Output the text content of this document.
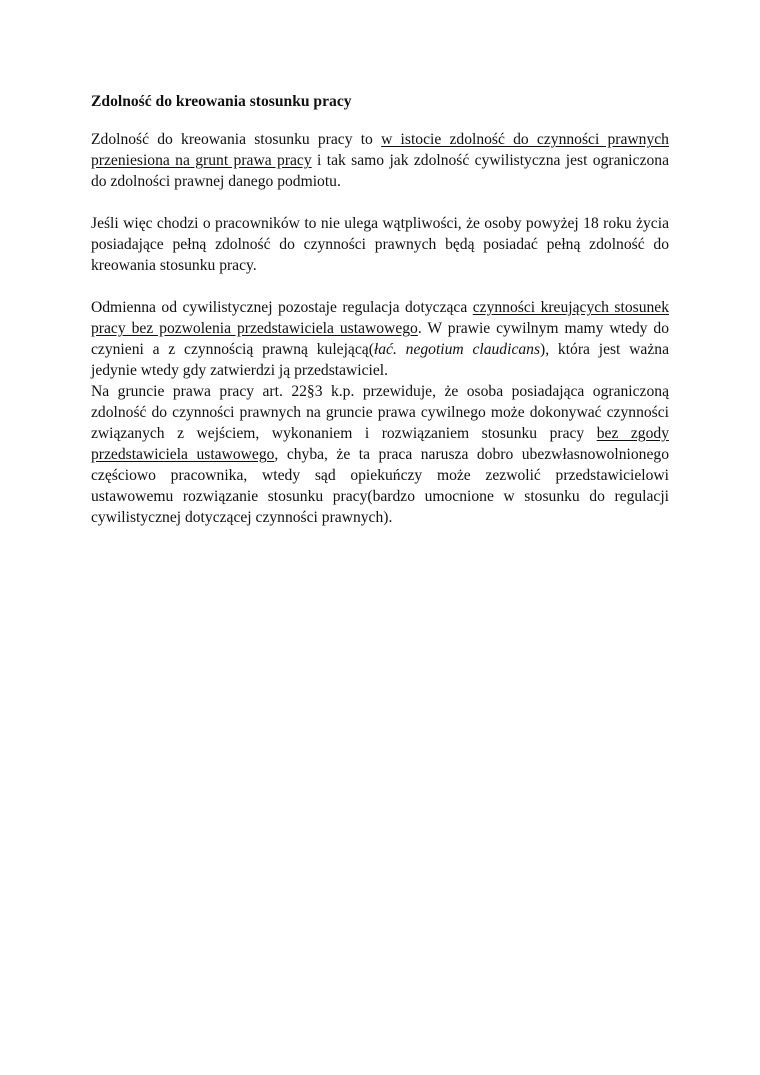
Zdolność do kreowania stosunku pracy

Zdolność do kreowania stosunku pracy to w istocie zdolność do czynności prawnych przeniesiona na grunt prawa pracy i tak samo jak zdolność cywilistyczna jest ograniczona do zdolności prawnej danego podmiotu.

Jeśli więc chodzi o pracowników to nie ulega wątpliwości, że osoby powyżej 18 roku życia posiadające pełną zdolność do czynności prawnych będą posiadać pełną zdolność do kreowania stosunku pracy.

Odmienna od cywilistycznej pozostaje regulacja dotycząca czynności kreujących stosunek pracy bez pozwolenia przedstawiciela ustawowego. W prawie cywilnym mamy wtedy do czynieni a z czynnością prawną kulejącą(łać. negotium claudicans), która jest ważna jedynie wtedy gdy zatwierdzi ją przedstawiciel.

Na gruncie prawa pracy art. 22§3 k.p. przewiduje, że osoba posiadająca ograniczoną zdolność do czynności prawnych na gruncie prawa cywilnego może dokonywać czynności związanych z wejściem, wykonaniem i rozwiązaniem stosunku pracy bez zgody przedstawiciela ustawowego, chyba, że ta praca narusza dobro ubezwłasnowolnionego częściowo pracownika, wtedy sąd opiekuńczy może zezwolić przedstawicielowi ustawowemu rozwiązanie stosunku pracy(bardzo umocnione w stosunku do regulacji cywilistycznej dotyczącej czynności prawnych).
